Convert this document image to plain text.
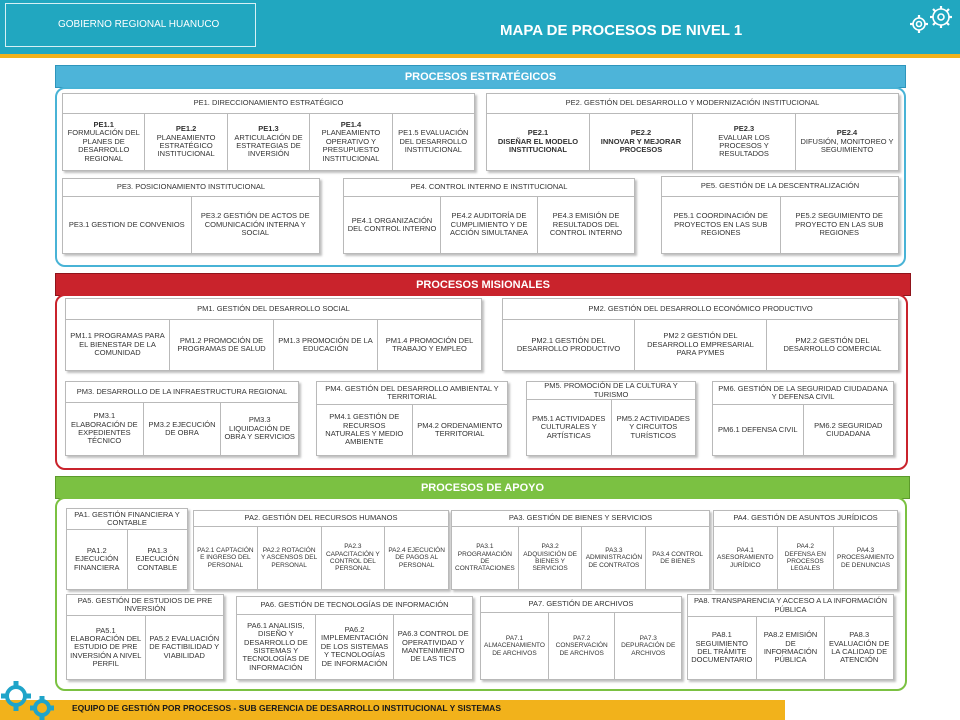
GOBIERNO REGIONAL HUANUCO	MAPA DE PROCESOS DE NIVEL 1
PROCESOS ESTRATÉGICOS
PE1. DIRECCIONAMIENTO ESTRATÉGICO
PE1.1
FORMULACIÓN DEL PLANES DE DESARROLLO REGIONAL
PE1.2
PLANEAMIENTO ESTRATÉGICO INSTITUCIONAL
PE1.3
ARTICULACIÓN DE ESTRATEGIAS DE INVERSIÓN
PE1.4
PLANEAMIENTO OPERATIVO Y PRESUPUESTO INSTITUCIONAL
PE1.5 EVALUACIÓN DEL DESARROLLO INSTITUCIONAL
PE2. GESTIÓN DEL DESARROLLO Y MODERNIZACIÓN INSTITUCIONAL
PE2.1
DISEÑAR EL MODELO INSTITUCIONAL
PE2.2
INNOVAR Y MEJORAR PROCESOS
PE2.3
EVALUAR LOS PROCESOS Y RESULTADOS
PE2.4
DIFUSIÓN, MONITOREO Y SEGUIMIENTO
PE3. POSICIONAMIENTO INSTITUCIONAL
PE3.1 GESTION DE CONVENIOS
PE3.2 GESTIÓN DE ACTOS DE COMUNICACIÓN INTERNA Y SOCIAL
PE4. CONTROL INTERNO E INSTITUCIONAL
PE4.1 ORGANIZACIÓN DEL CONTROL INTERNO
PE4.2 AUDITORÍA DE CUMPLIMIENTO Y DE ACCIÓN SIMULTANEA
PE4.3 EMISIÓN DE RESULTADOS DEL CONTROL INTERNO
PE5. GESTIÓN DE LA DESCENTRALIZACIÓN
PE5.1 COORDINACIÓN DE PROYECTOS EN LAS SUB REGIONES
PE5.2 SEGUIMIENTO DE PROYECTO EN LAS SUB REGIONES
PROCESOS MISIONALES
PM1. GESTIÓN DEL DESARROLLO SOCIAL
PM1.1 PROGRAMAS PARA EL BIENESTAR DE LA COMUNIDAD
PM1.2 PROMOCIÓN DE PROGRAMAS DE SALUD
PM1.3 PROMOCIÓN DE LA EDUCACIÓN
PM1.4 PROMOCIÓN DEL TRABAJO Y EMPLEO
PM2. GESTIÓN DEL DESARROLLO ECONÓMICO PRODUCTIVO
PM2.1 GESTIÓN DEL DESARROLLO PRODUCTIVO
PM2 2 GESTIÓN DEL DESARROLLO EMPRESARIAL PARA PYMES
PM2.2 GESTIÓN DEL DESARROLLO COMERCIAL
PM3. DESARROLLO DE LA INFRAESTRUCTURA REGIONAL
PM3.1 ELABORACIÓN DE EXPEDIENTES TÉCNICO
PM3.2 EJECUCIÓN DE OBRA
PM3.3 LIQUIDACIÓN DE OBRA Y SERVICIOS
PM4. GESTIÓN DEL DESARROLLO AMBIENTAL Y TERRITORIAL
PM4.1 GESTIÓN DE RECURSOS NATURALES Y MEDIO AMBIENTE
PM4.2 ORDENAMIENTO TERRITORIAL
PM5. PROMOCIÓN DE LA CULTURA Y TURISMO
PM5.1 ACTIVIDADES CULTURALES Y ARTÍSTICAS
PM5.2 ACTIVIDADES Y CIRCUITOS TURÍSTICOS
PM6. GESTIÓN DE LA SEGURIDAD CIUDADANA Y DEFENSA CIVIL
PM6.1 DEFENSA CIVIL	PM6.2 SEGURIDAD CIUDADANA
PROCESOS DE APOYO
PA1. GESTIÓN FINANCIERA Y CONTABLE
PA1.2 EJECUCIÓN FINANCIERA
PA1.3 EJECUCIÓN CONTABLE
PA2. GESTIÓN DEL RECURSOS HUMANOS
PA2.1 CAPTACIÓN E INGRESO DEL PERSONAL
PA2.2 ROTACIÓN Y ASCENSOS DEL PERSONAL
PA2.3 CAPACITACIÓN Y CONTROL DEL PERSONAL
PA2.4 EJECUCIÓN DE PAGOS AL PERSONAL
PA3. GESTIÓN DE BIENES Y SERVICIOS
PA3.1 PROGRAMACIÓN DE CONTRATACIONES
PA3.2 ADQUISICIÓN DE BIENES Y SERVICIOS
PA3.3 ADMINISTRACIÓN DE CONTRATOS
PA3.4 CONTROL DE BIENES
PA4. GESTIÓN DE ASUNTOS JURÍDICOS
PA4.1 ASESORAMIENTO JURÍDICO
PA4.2 DEFENSA EN PROCESOS LEGALES
PA4.3 PROCESAMIENTO DE DENUNCIAS
PA5. GESTIÓN DE ESTUDIOS DE PRE INVERSIÓN
PA5.1 ELABORACIÓN DEL ESTUDIO DE PRE INVERSIÓN A NIVEL PERFIL
PA5.2 EVALUACIÓN DE FACTIBILIDAD Y VIABILIDAD
PA6. GESTIÓN DE TECNOLOGÍAS DE INFORMACIÓN
PA6.1 ANALISIS, DISEÑO Y DESARROLLO DE SISTEMAS Y TECNOLOGÍAS DE INFORMACIÓN
PA6.2 IMPLEMENTACIÓN DE LOS SISTEMAS Y TECNOLOGÍAS DE INFORMACIÓN
PA6.3 CONTROL DE OPERATIVIDAD Y MANTENIMIENTO DE LAS TICS
PA7. GESTIÓN DE ARCHIVOS
PA7.1 ALMACENAMIENTO DE ARCHIVOS
PA7.2 CONSERVACIÓN DE ARCHIVOS
PA7.3 DEPURACIÓN DE ARCHIVOS
PA8. TRANSPARENCIA Y ACCESO A LA INFORMACIÓN PÚBLICA
PA8.1 SEGUIMIENTO DEL TRÁMITE DOCUMENTARIO
PA8.2 EMISIÓN DE INFORMACIÓN PÚBLICA
PA8.3 EVALUACIÓN DE LA CALIDAD DE ATENCIÓN
EQUIPO DE GESTIÓN POR PROCESOS - SUB GERENCIA DE DESARROLLO INSTITUCIONAL Y SISTEMAS
